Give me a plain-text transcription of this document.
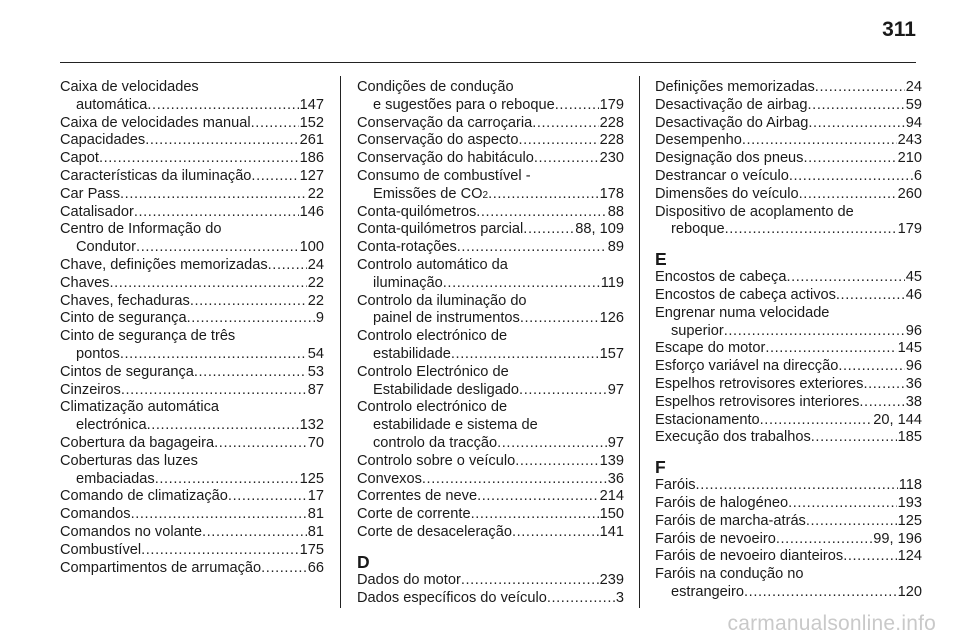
311
Caixa de velocidades
automática .....	147
Caixa de velocidades manual .....	152
Capacidades .....	261
Capot .....	186
Características da iluminação .....	127
Car Pass .....	22
Catalisador .....	146
Centro de Informação do
Condutor .....	100
Chave, definições memorizadas .....	24
Chaves .....	22
Chaves, fechaduras .....	22
Cinto de segurança .....	9
Cinto de segurança de três
pontos .....	54
Cintos de segurança .....	53
Cinzeiros .....	87
Climatização automática
electrónica .....	132
Cobertura da bagageira .....	70
Coberturas das luzes
embaciadas .....	125
Comando de climatização .....	17
Comandos .....	81
Comandos no volante .....	81
Combustível .....	175
Compartimentos de arrumação .....	66
Condições de condução
e sugestões para o reboque .....	179
Conservação da carroçaria .....	228
Conservação do aspecto .....	228
Conservação do habitáculo .....	230
Consumo de combustível -
Emissões de CO 2 .....	178
Conta-quilómetros .....	88
Conta-quilómetros parcial .....	88, 109
Conta-rotações .....	89
Controlo automático da
iluminação .....	119
Controlo da iluminação do
painel de instrumentos .....	126
Controlo electrónico de
estabilidade .....	157
Controlo Electrónico de
Estabilidade desligado .....	97
Controlo electrónico de
estabilidade e sistema de
controlo da tracção .....	97
Controlo sobre o veículo .....	139
Convexos .....	36
Correntes de neve .....	214
Corte de corrente .....	150
Corte de desaceleração .....	141
D
Dados do motor .....	239
Dados específicos do veículo .....	3
Definições memorizadas .....	24
Desactivação de airbag .....	59
Desactivação do Airbag .....	94
Desempenho .....	243
Designação dos pneus .....	210
Destrancar o veículo .....	6
Dimensões do veículo .....	260
Dispositivo de acoplamento de
reboque .....	179
E
Encostos de cabeça .....	45
Encostos de cabeça activos .....	46
Engrenar numa velocidade
superior .....	96
Escape do motor .....	145
Esforço variável na direcção .....	96
Espelhos retrovisores exteriores .....	36
Espelhos retrovisores interiores .....	38
Estacionamento .....	20, 144
Execução dos trabalhos .....	185
F
Faróis .....	118
Faróis de halogéneo .....	193
Faróis de marcha-atrás .....	125
Faróis de nevoeiro .....	99, 196
Faróis de nevoeiro dianteiros .....	124
Faróis na condução no
estrangeiro .....	120
carmanualsonline.info
